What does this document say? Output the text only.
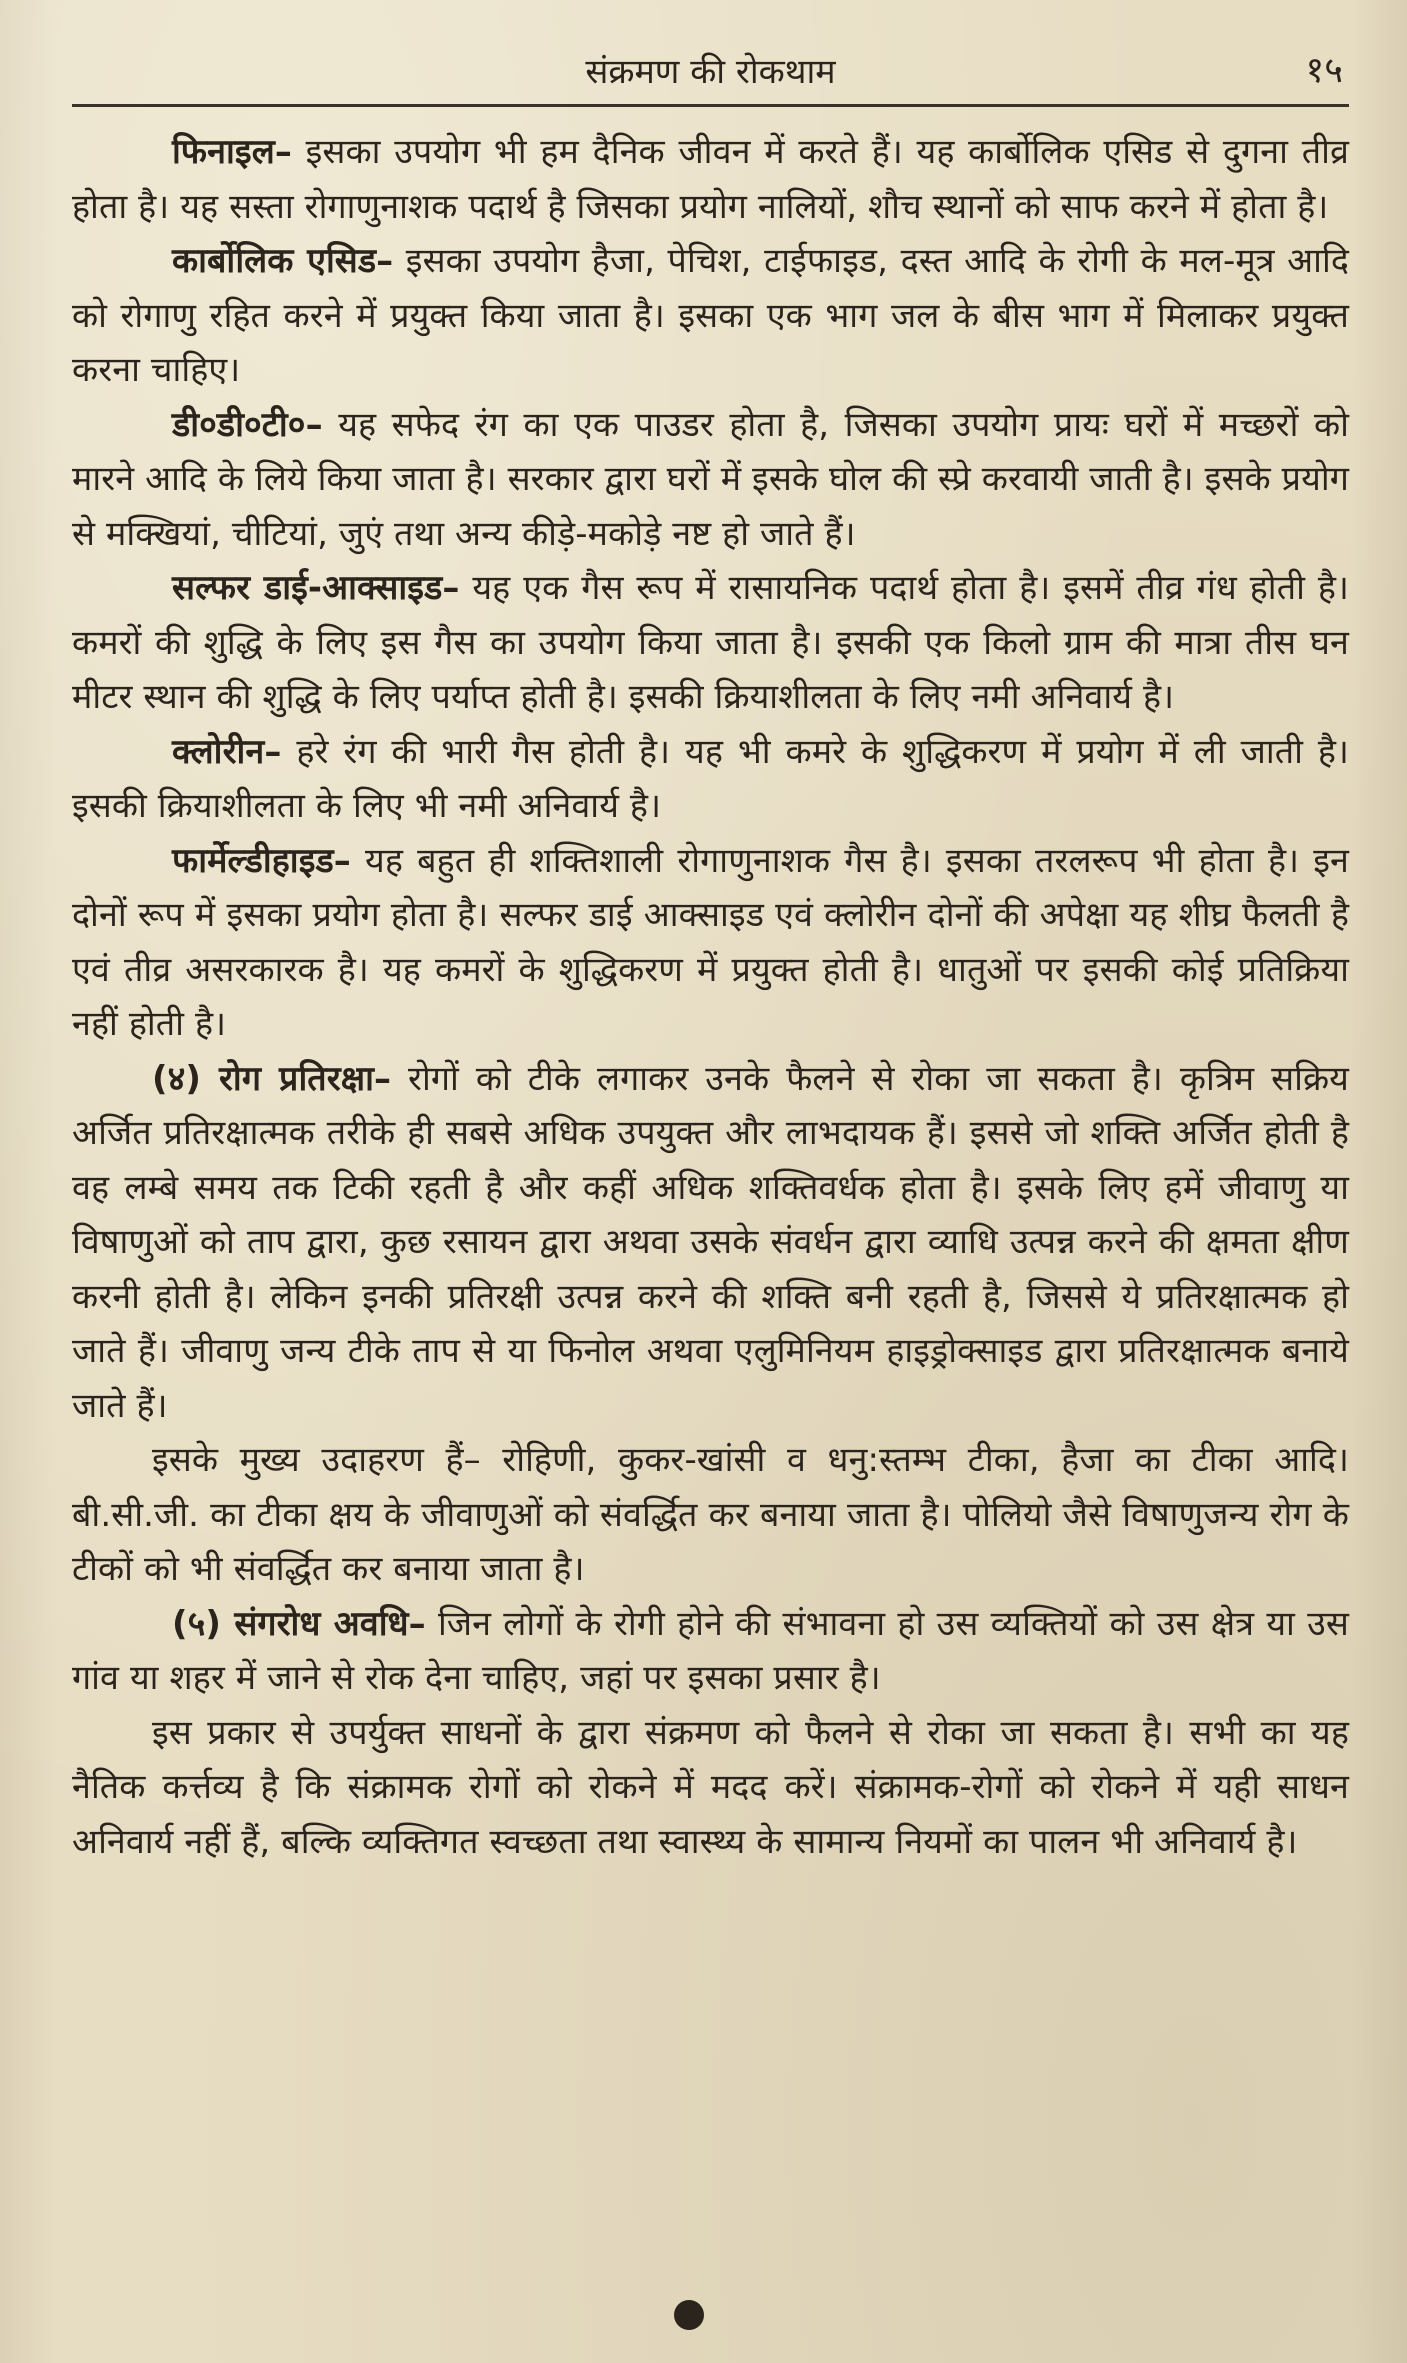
संक्रमण की रोकथाम	१५

फिनाइल– इसका उपयोग भी हम दैनिक जीवन में करते हैं। यह कार्बोलिक एसिड से दुगना तीव्र होता है। यह सस्ता रोगाणुनाशक पदार्थ है जिसका प्रयोग नालियों, शौच स्थानों को साफ करने में होता है।

कार्बोलिक एसिड– इसका उपयोग हैजा, पेचिश, टाईफाइड, दस्त आदि के रोगी के मल-मूत्र आदि को रोगाणु रहित करने में प्रयुक्त किया जाता है। इसका एक भाग जल के बीस भाग में मिलाकर प्रयुक्त करना चाहिए।

डी०डी०टी०– यह सफेद रंग का एक पाउडर होता है, जिसका उपयोग प्रायः घरों में मच्छरों को मारने आदि के लिये किया जाता है। सरकार द्वारा घरों में इसके घोल की स्प्रे करवायी जाती है। इसके प्रयोग से मक्खियां, चीटियां, जुएं तथा अन्य कीड़े-मकोड़े नष्ट हो जाते हैं।

सल्फर डाई-आक्साइड– यह एक गैस रूप में रासायनिक पदार्थ होता है। इसमें तीव्र गंध होती है। कमरों की शुद्धि के लिए इस गैस का उपयोग किया जाता है। इसकी एक किलो ग्राम की मात्रा तीस घन मीटर स्थान की शुद्धि के लिए पर्याप्त होती है। इसकी क्रियाशीलता के लिए नमी अनिवार्य है।

क्लोरीन– हरे रंग की भारी गैस होती है। यह भी कमरे के शुद्धिकरण में प्रयोग में ली जाती है। इसकी क्रियाशीलता के लिए भी नमी अनिवार्य है।

फार्मेल्डीहाइड– यह बहुत ही शक्तिशाली रोगाणुनाशक गैस है। इसका तरलरूप भी होता है। इन दोनों रूप में इसका प्रयोग होता है। सल्फर डाई आक्साइड एवं क्लोरीन दोनों की अपेक्षा यह शीघ्र फैलती है एवं तीव्र असरकारक है। यह कमरों के शुद्धिकरण में प्रयुक्त होती है। धातुओं पर इसकी कोई प्रतिक्रिया नहीं होती है।

(४) रोग प्रतिरक्षा– रोगों को टीके लगाकर उनके फैलने से रोका जा सकता है। कृत्रिम सक्रिय अर्जित प्रतिरक्षात्मक तरीके ही सबसे अधिक उपयुक्त और लाभदायक हैं। इससे जो शक्ति अर्जित होती है वह लम्बे समय तक टिकी रहती है और कहीं अधिक शक्तिवर्धक होता है। इसके लिए हमें जीवाणु या विषाणुओं को ताप द्वारा, कुछ रसायन द्वारा अथवा उसके संवर्धन द्वारा व्याधि उत्पन्न करने की क्षमता क्षीण करनी होती है। लेकिन इनकी प्रतिरक्षी उत्पन्न करने की शक्ति बनी रहती है, जिससे ये प्रतिरक्षात्मक हो जाते हैं। जीवाणु जन्य टीके ताप से या फिनोल अथवा एलुमिनियम हाइड्रोक्साइड द्वारा प्रतिरक्षात्मक बनाये जाते हैं।

इसके मुख्य उदाहरण हैं– रोहिणी, कुकर-खांसी व धनु:स्तम्भ टीका, हैजा का टीका आदि। बी.सी.जी. का टीका क्षय के जीवाणुओं को संवर्द्धित कर बनाया जाता है। पोलियो जैसे विषाणुजन्य रोग के टीकों को भी संवर्द्धित कर बनाया जाता है।

(५) संगरोध अवधि– जिन लोगों के रोगी होने की संभावना हो उस व्यक्तियों को उस क्षेत्र या उस गांव या शहर में जाने से रोक देना चाहिए, जहां पर इसका प्रसार है।

इस प्रकार से उपर्युक्त साधनों के द्वारा संक्रमण को फैलने से रोका जा सकता है। सभी का यह नैतिक कर्त्तव्य है कि संक्रामक रोगों को रोकने में मदद करें। संक्रामक-रोगों को रोकने में यही साधन अनिवार्य नहीं हैं, बल्कि व्यक्तिगत स्वच्छता तथा स्वास्थ्य के सामान्य नियमों का पालन भी अनिवार्य है।
